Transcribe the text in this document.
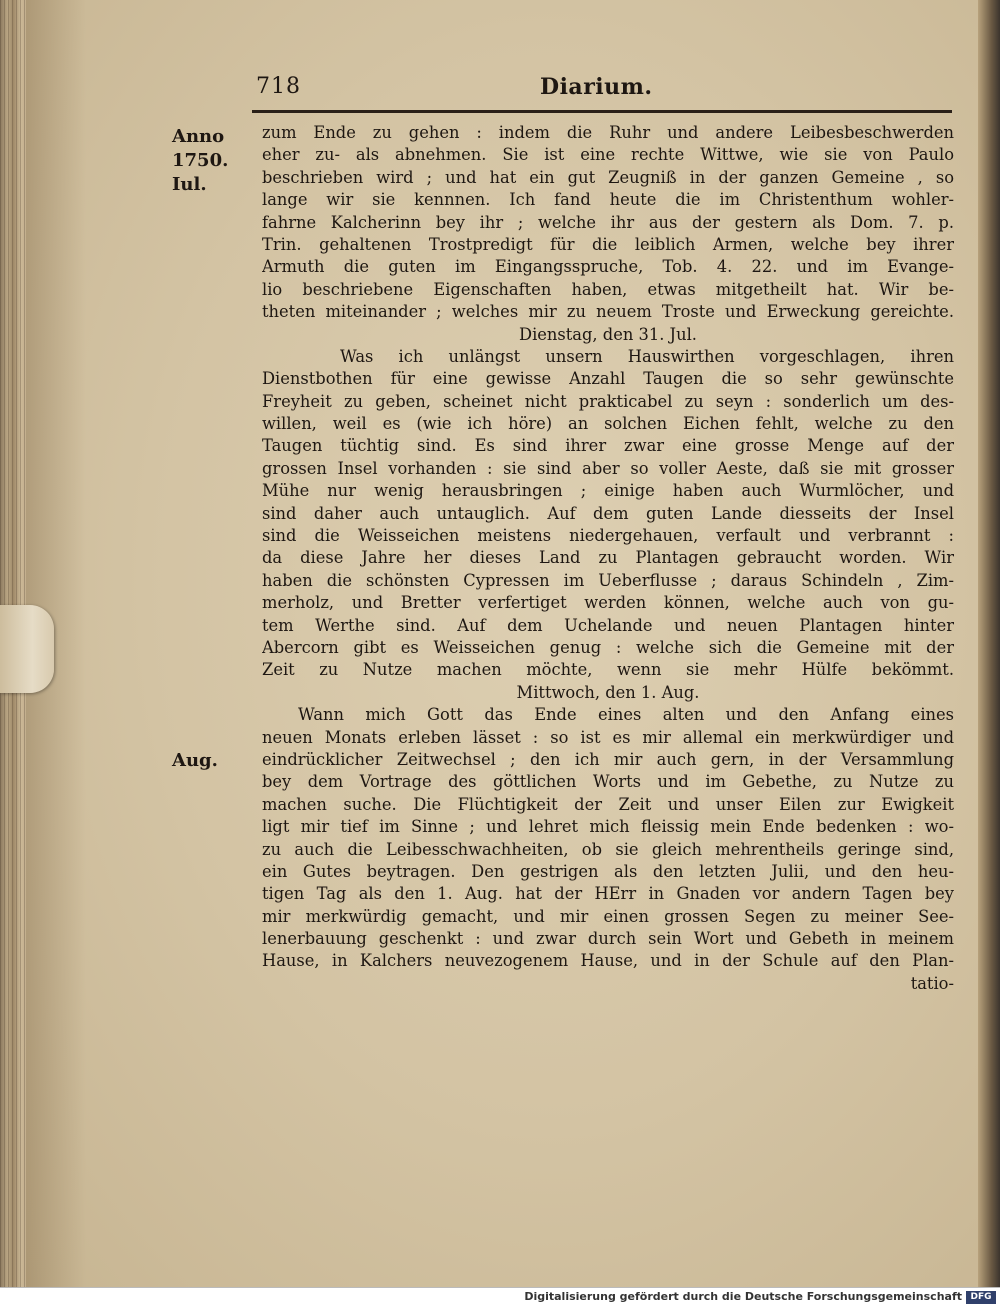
718	Diarium.
Anno
1750.
Iul.
Aug.
zum Ende zu gehen : indem die Ruhr und andere Leibesbeschwerden
eher zu- als abnehmen. Sie ist eine rechte Wittwe, wie sie von Paulo
beschrieben wird ; und hat ein gut Zeugniß in der ganzen Gemeine , so
lange wir sie kennnen. Ich fand heute die im Christenthum wohler-
fahrne Kalcherinn bey ihr ; welche ihr aus der gestern als Dom. 7. p.
Trin. gehaltenen Trostpredigt für die leiblich Armen, welche bey ihrer
Armuth die guten im Eingangsspruche, Tob. 4. 22. und im Evange-
lio beschriebene Eigenschaften haben, etwas mitgetheilt hat. Wir be-
theten miteinander ; welches mir zu neuem Troste und Erweckung gereichte.
Dienstag, den 31. Jul.
Was ich unlängst unsern Hauswirthen vorgeschlagen, ihren
Dienstbothen für eine gewisse Anzahl Taugen die so sehr gewünschte
Freyheit zu geben, scheinet nicht prakticabel zu seyn : sonderlich um des-
willen, weil es (wie ich höre) an solchen Eichen fehlt, welche zu den
Taugen tüchtig sind. Es sind ihrer zwar eine grosse Menge auf der
grossen Insel vorhanden : sie sind aber so voller Aeste, daß sie mit grosser
Mühe nur wenig herausbringen ; einige haben auch Wurmlöcher, und
sind daher auch untauglich. Auf dem guten Lande diesseits der Insel
sind die Weisseichen meistens niedergehauen, verfault und verbrannt :
da diese Jahre her dieses Land zu Plantagen gebraucht worden. Wir
haben die schönsten Cypressen im Ueberflusse ; daraus Schindeln , Zim-
merholz, und Bretter verfertiget werden können, welche auch von gu-
tem Werthe sind. Auf dem Uchelande und neuen Plantagen hinter
Abercorn gibt es Weisseichen genug : welche sich die Gemeine mit der
Zeit zu Nutze machen möchte, wenn sie mehr Hülfe bekömmt.
Mittwoch, den 1. Aug.
Wann mich Gott das Ende eines alten und den Anfang eines
neuen Monats erleben lässet : so ist es mir allemal ein merkwürdiger und
eindrücklicher Zeitwechsel ; den ich mir auch gern, in der Versammlung
bey dem Vortrage des göttlichen Worts und im Gebethe, zu Nutze zu
machen suche. Die Flüchtigkeit der Zeit und unser Eilen zur Ewigkeit
ligt mir tief im Sinne ; und lehret mich fleissig mein Ende bedenken : wo-
zu auch die Leibesschwachheiten, ob sie gleich mehrentheils geringe sind,
ein Gutes beytragen. Den gestrigen als den letzten Julii, und den heu-
tigen Tag als den 1. Aug. hat der HErr in Gnaden vor andern Tagen bey
mir merkwürdig gemacht, und mir einen grossen Segen zu meiner See-
lenerbauung geschenkt : und zwar durch sein Wort und Gebeth in meinem
Hause, in Kalchers neuvezogenem Hause, und in der Schule auf den Plan-
tatio-
Digitalisierung gefördert durch die Deutsche Forschungsgemeinschaft DFG
